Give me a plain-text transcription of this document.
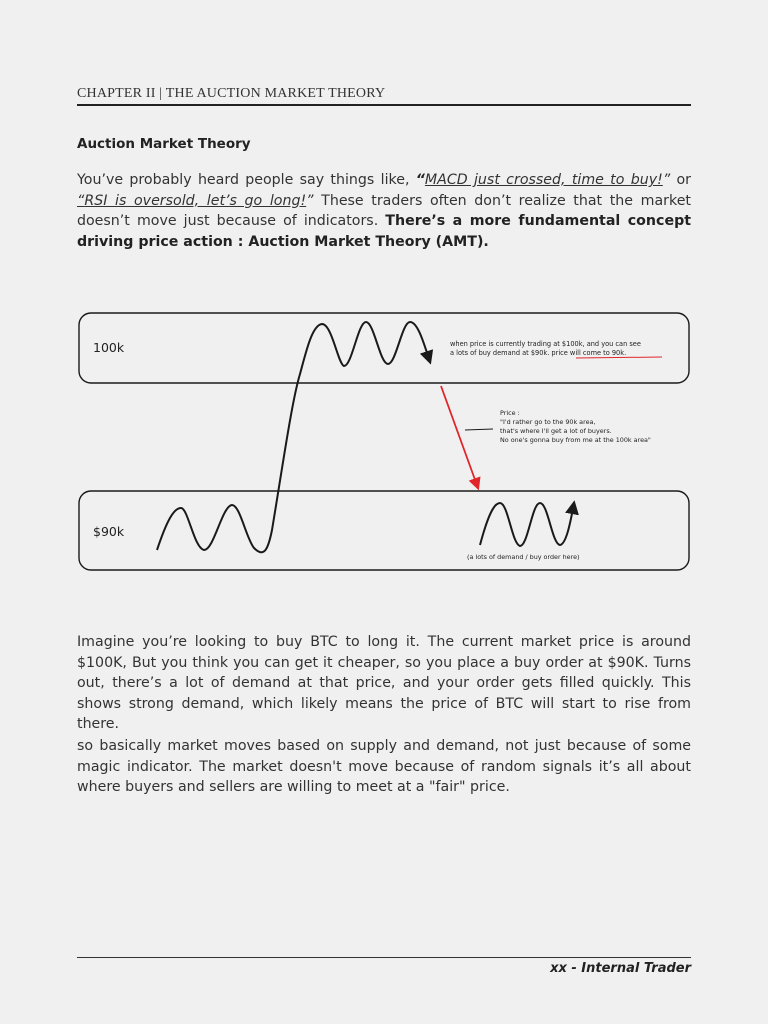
CHAPTER II | THE AUCTION MARKET THEORY
Auction Market Theory

You’ve probably heard people say things like, “MACD just crossed, time to buy!” or “RSI is oversold, let’s go long!” These traders often don’t realize that the market doesn’t move just because of indicators. There’s a more fundamental concept driving price action : Auction Market Theory (AMT).

100k
$90k
when price is currently trading at $100k, and you can see
a lots of buy demand at $90k. price will come to 90k.
Price :
"I'd rather go to the 90k area,
that's where I'll get a lot of buyers.
No one's gonna buy from me at the 100k area"
(a lots of demand / buy order here)

Imagine you’re looking to buy BTC to long it. The current market price is around $100K, But you think you can get it cheaper, so you place a buy order at $90K. Turns out, there’s a lot of demand at that price, and your order gets filled quickly. This shows strong demand, which likely means the price of BTC will start to rise from there.

so basically market moves based on supply and demand, not just because of some magic indicator. The market doesn't move because of random signals it’s all about where buyers and sellers are willing to meet at a "fair" price.

xx - Internal Trader
